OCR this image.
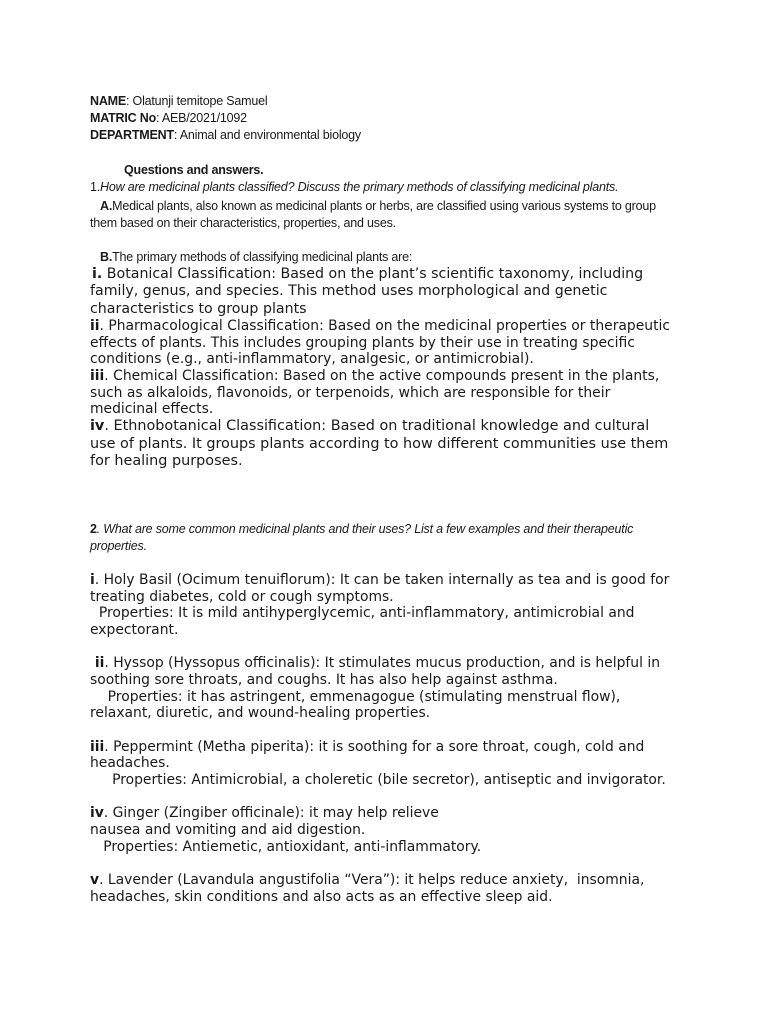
NAME: Olatunji temitope Samuel
MATRIC No: AEB/2021/1092
DEPARTMENT: Animal and environmental biology
Questions and answers.
1.How are medicinal plants classified? Discuss the primary methods of classifying medicinal plants.
A.Medical plants, also known as medicinal plants or herbs, are classified using various systems to group
them based on their characteristics, properties, and uses.
B.The primary methods of classifying medicinal plants are:
i. Botanical Classification: Based on the plant’s scientific taxonomy, including
family, genus, and species. This method uses morphological and genetic
characteristics to group plants
ii. Pharmacological Classification: Based on the medicinal properties or therapeutic
effects of plants. This includes grouping plants by their use in treating specific
conditions (e.g., anti-inflammatory, analgesic, or antimicrobial).
iii. Chemical Classification: Based on the active compounds present in the plants,
such as alkaloids, flavonoids, or terpenoids, which are responsible for their
medicinal effects.
iv. Ethnobotanical Classification: Based on traditional knowledge and cultural
use of plants. It groups plants according to how different communities use them
for healing purposes.
2. What are some common medicinal plants and their uses? List a few examples and their therapeutic
properties.
i. Holy Basil (Ocimum tenuiflorum): It can be taken internally as tea and is good for
treating diabetes, cold or cough symptoms.
Properties: It is mild antihyperglycemic, anti-inflammatory, antimicrobial and
expectorant.
ii. Hyssop (Hyssopus officinalis): It stimulates mucus production, and is helpful in
soothing sore throats, and coughs. It has also help against asthma.
Properties: it has astringent, emmenagogue (stimulating menstrual flow),
relaxant, diuretic, and wound-healing properties.
iii. Peppermint (Metha piperita): it is soothing for a sore throat, cough, cold and
headaches.
Properties: Antimicrobial, a choleretic (bile secretor), antiseptic and invigorator.
iv. Ginger (Zingiber officinale): it may help relieve
nausea and vomiting and aid digestion.
Properties: Antiemetic, antioxidant, anti-inflammatory.
v. Lavender (Lavandula angustifolia “Vera”): it helps reduce anxiety,  insomnia,
headaches, skin conditions and also acts as an effective sleep aid.
